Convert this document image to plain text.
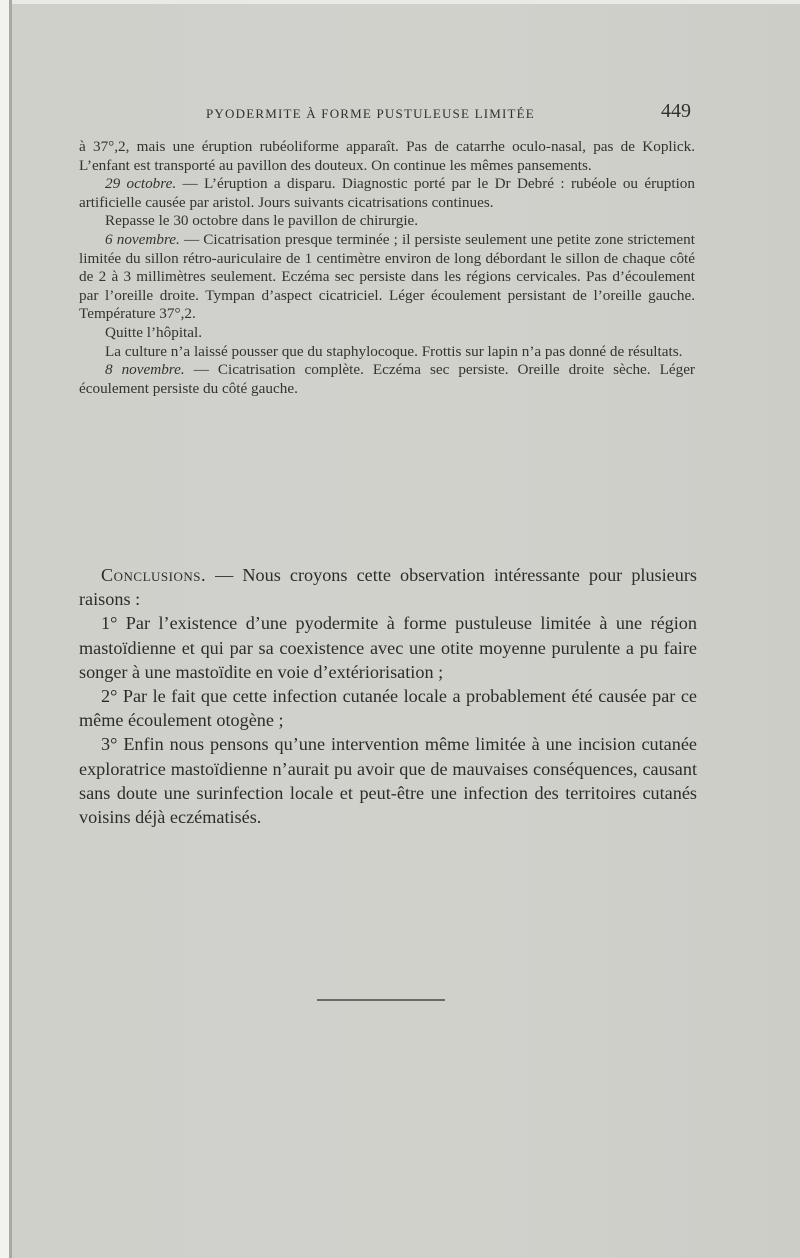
PYODERMITE À FORME PUSTULEUSE LIMITÉE	449

à 37°,2, mais une éruption rubéoliforme apparaît. Pas de catarrhe oculo-nasal, pas de Koplick. L’enfant est transporté au pavillon des douteux. On continue les mêmes pansements.

29 octobre. — L’éruption a disparu. Diagnostic porté par le Dr Debré : rubéole ou éruption artificielle causée par aristol. Jours suivants cicatrisations continues.

Repasse le 30 octobre dans le pavillon de chirurgie.

6 novembre. — Cicatrisation presque terminée ; il persiste seulement une petite zone strictement limitée du sillon rétro-auriculaire de 1 centimètre environ de long débordant le sillon de chaque côté de 2 à 3 millimètres seulement. Eczéma sec persiste dans les régions cervicales. Pas d’écoulement par l’oreille droite. Tympan d’aspect cicatriciel. Léger écoulement persistant de l’oreille gauche. Température 37°,2.

Quitte l’hôpital.

La culture n’a laissé pousser que du staphylocoque. Frottis sur lapin n’a pas donné de résultats.

8 novembre. — Cicatrisation complète. Eczéma sec persiste. Oreille droite sèche. Léger écoulement persiste du côté gauche.

Conclusions. — Nous croyons cette observation intéressante pour plusieurs raisons :

1° Par l’existence d’une pyodermite à forme pustuleuse limitée à une région mastoïdienne et qui par sa coexistence avec une otite moyenne purulente a pu faire songer à une mastoïdite en voie d’extériorisation ;

2° Par le fait que cette infection cutanée locale a probablement été causée par ce même écoulement otogène ;

3° Enfin nous pensons qu’une intervention même limitée à une incision cutanée exploratrice mastoïdienne n’aurait pu avoir que de mauvaises conséquences, causant sans doute une surinfection locale et peut-être une infection des territoires cutanés voisins déjà eczématisés.
